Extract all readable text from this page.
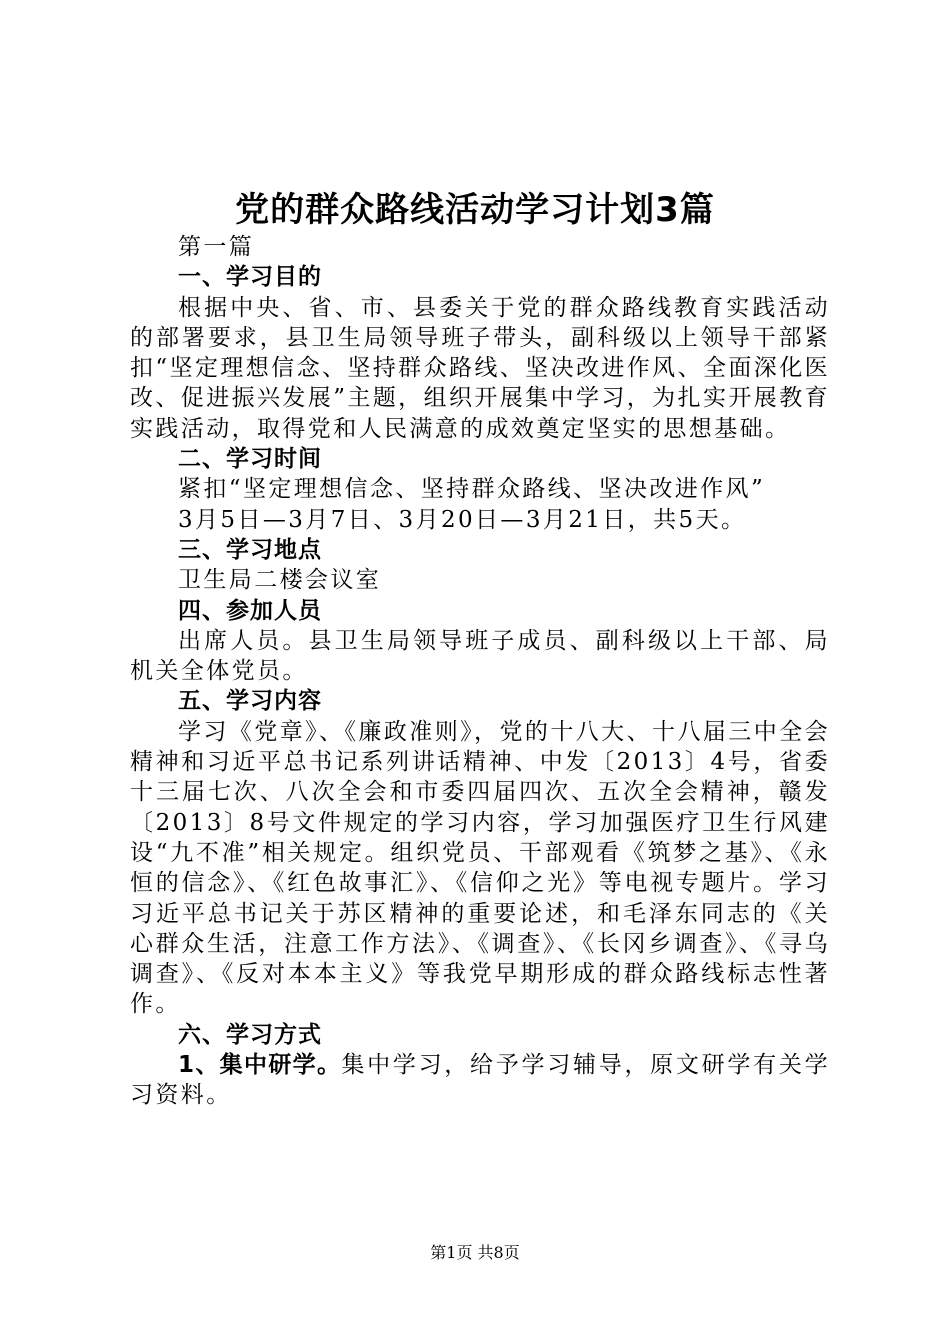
党的群众路线活动学习计划3篇

第一篇

一、学习目的

根据中央、省、市、县委关于党的群众路线教育实践活动的部署要求，县卫生局领导班子带头，副科级以上领导干部紧扣“坚定理想信念、坚持群众路线、坚决改进作风、全面深化医改、促进振兴发展”主题，组织开展集中学习，为扎实开展教育实践活动，取得党和人民满意的成效奠定坚实的思想基础。

二、学习时间

紧扣“坚定理想信念、坚持群众路线、坚决改进作风”

3月5日—3月7日、3月20日—3月21日，共5天。

三、学习地点

卫生局二楼会议室

四、参加人员

出席人员。县卫生局领导班子成员、副科级以上干部、局机关全体党员。

五、学习内容

学习《党章》、《廉政准则》，党的十八大、十八届三中全会精神和习近平总书记系列讲话精神、中发〔2013〕4号，省委十三届七次、八次全会和市委四届四次、五次全会精神，赣发〔2013〕8号文件规定的学习内容，学习加强医疗卫生行风建设“九不准”相关规定。组织党员、干部观看《筑梦之基》、《永恒的信念》、《红色故事汇》、《信仰之光》等电视专题片。学习习近平总书记关于苏区精神的重要论述，和毛泽东同志的《关心群众生活，注意工作方法》、《调查》、《长冈乡调查》、《寻乌调查》、《反对本本主义》等我党早期形成的群众路线标志性著作。

六、学习方式

1、集中研学。集中学习，给予学习辅导，原文研学有关学习资料。

第1页 共8页
